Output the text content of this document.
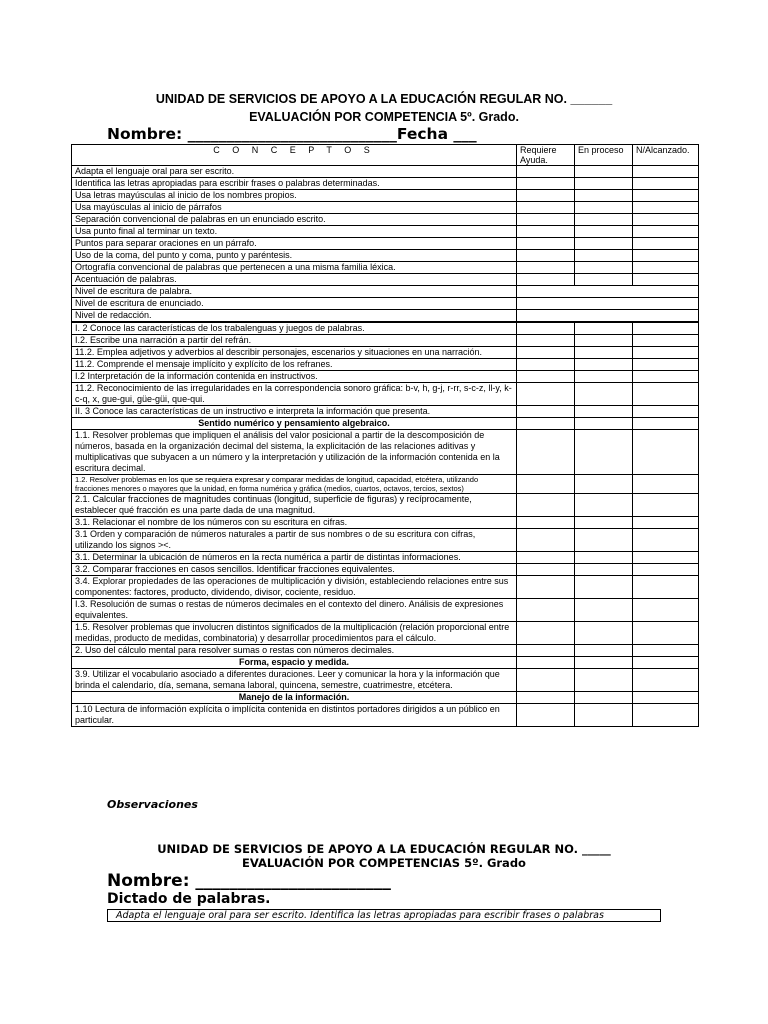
UNIDAD DE SERVICIOS DE APOYO A LA EDUCACIÓN REGULAR NO. ______
EVALUACIÓN POR COMPETENCIA 5º. Grado.
Nombre: ___________________________Fecha ___
C O N C E P T O S	Requiere Ayuda.	En proceso	N/Alcanzado.
Adapta el lenguaje oral para ser escrito.			
Identifica las letras apropiadas para escribir frases o palabras determinadas.			
Usa letras mayúsculas al inicio de los nombres propios.			
Usa mayúsculas al inicio de párrafos			
Separación convencional de palabras en un enunciado escrito.			
Usa punto final al terminar un texto.			
Puntos para separar oraciones en un párrafo.			
Uso de la coma, del punto y coma, punto y paréntesis.			
Ortografía convencional de palabras que pertenecen a una misma familia léxica.			
Acentuación de palabras.			
Nivel de escritura de palabra.			
Nivel de escritura de enunciado.			
Nivel de redacción.			
I. 2 Conoce las características de los trabalenguas y juegos de palabras.			
I.2. Escribe una narración a partir del refrán.			
11.2. Emplea adjetivos y adverbios al describir personajes, escenarios y situaciones en una narración.			
11.2. Comprende el mensaje implícito y explícito de los refranes.			
I.2 Interpretación de la información contenida en instructivos.			
11.2. Reconocimiento de las irregularidades en la correspondencia sonoro gráfica: b-v, h, g-j, r-rr, s-c-z, ll-y, k-c-q, x, gue-gui, güe-güi, que-qui.			
II. 3 Conoce las características de un instructivo e interpreta la información que presenta.			
Sentido numérico y pensamiento algebraico.			
1.1. Resolver problemas que impliquen el análisis del valor posicional a partir de la descomposición de números, basada en la organización decimal del sistema, la explicitación de las relaciones aditivas y multiplicativas que subyacen a un número y la interpretación y utilización de la información contenida en la escritura decimal.			
1.2. Resolver problemas en los que se requiera expresar y comparar medidas de longitud, capacidad, etcétera, utilizando fracciones menores o mayores que la unidad, en forma numérica y gráfica (medios, cuartos, octavos, tercios, sextos)			
2.1. Calcular fracciones de magnitudes continuas (longitud, superficie de figuras) y recíprocamente, establecer qué fracción es una parte dada de una magnitud.			
3.1. Relacionar el nombre de los números con su escritura en cifras.			
3.1 Orden y comparación de números naturales a partir de sus nombres o de su escritura con cifras, utilizando los signos ><.			
3.1. Determinar la ubicación de números en la recta numérica a partir de distintas informaciones.			
3.2. Comparar fracciones en casos sencillos. Identificar fracciones equivalentes.			
3.4. Explorar propiedades de las operaciones de multiplicación y división, estableciendo relaciones entre sus componentes: factores, producto, dividendo, divisor, cociente, residuo.			
I.3. Resolución de sumas o restas de números decimales en el contexto del dinero. Análisis de expresiones equivalentes.			
1.5. Resolver problemas que involucren distintos significados de la multiplicación (relación proporcional entre medidas, producto de medidas, combinatoria) y desarrollar procedimientos para el cálculo.			
2. Uso del cálculo mental para resolver sumas o restas con números decimales.			
Forma, espacio y medida.			
3.9. Utilizar el vocabulario asociado a diferentes duraciones. Leer y comunicar la hora y la información que brinda el calendario, día, semana, semana laboral, quincena, semestre, cuatrimestre, etcétera.			
Manejo de la información.			
1.10 Lectura de información explícita o implícita contenida en distintos portadores dirigidos a un público en particular.			
Observaciones
UNIDAD DE SERVICIOS DE APOYO A LA EDUCACIÓN REGULAR NO. _____
EVALUACIÓN POR COMPETENCIAS 5º. Grado
Nombre: _______________________
Dictado de palabras.
Adapta el lenguaje oral para ser escrito. Identifica las letras apropiadas para escribir frases o palabras
